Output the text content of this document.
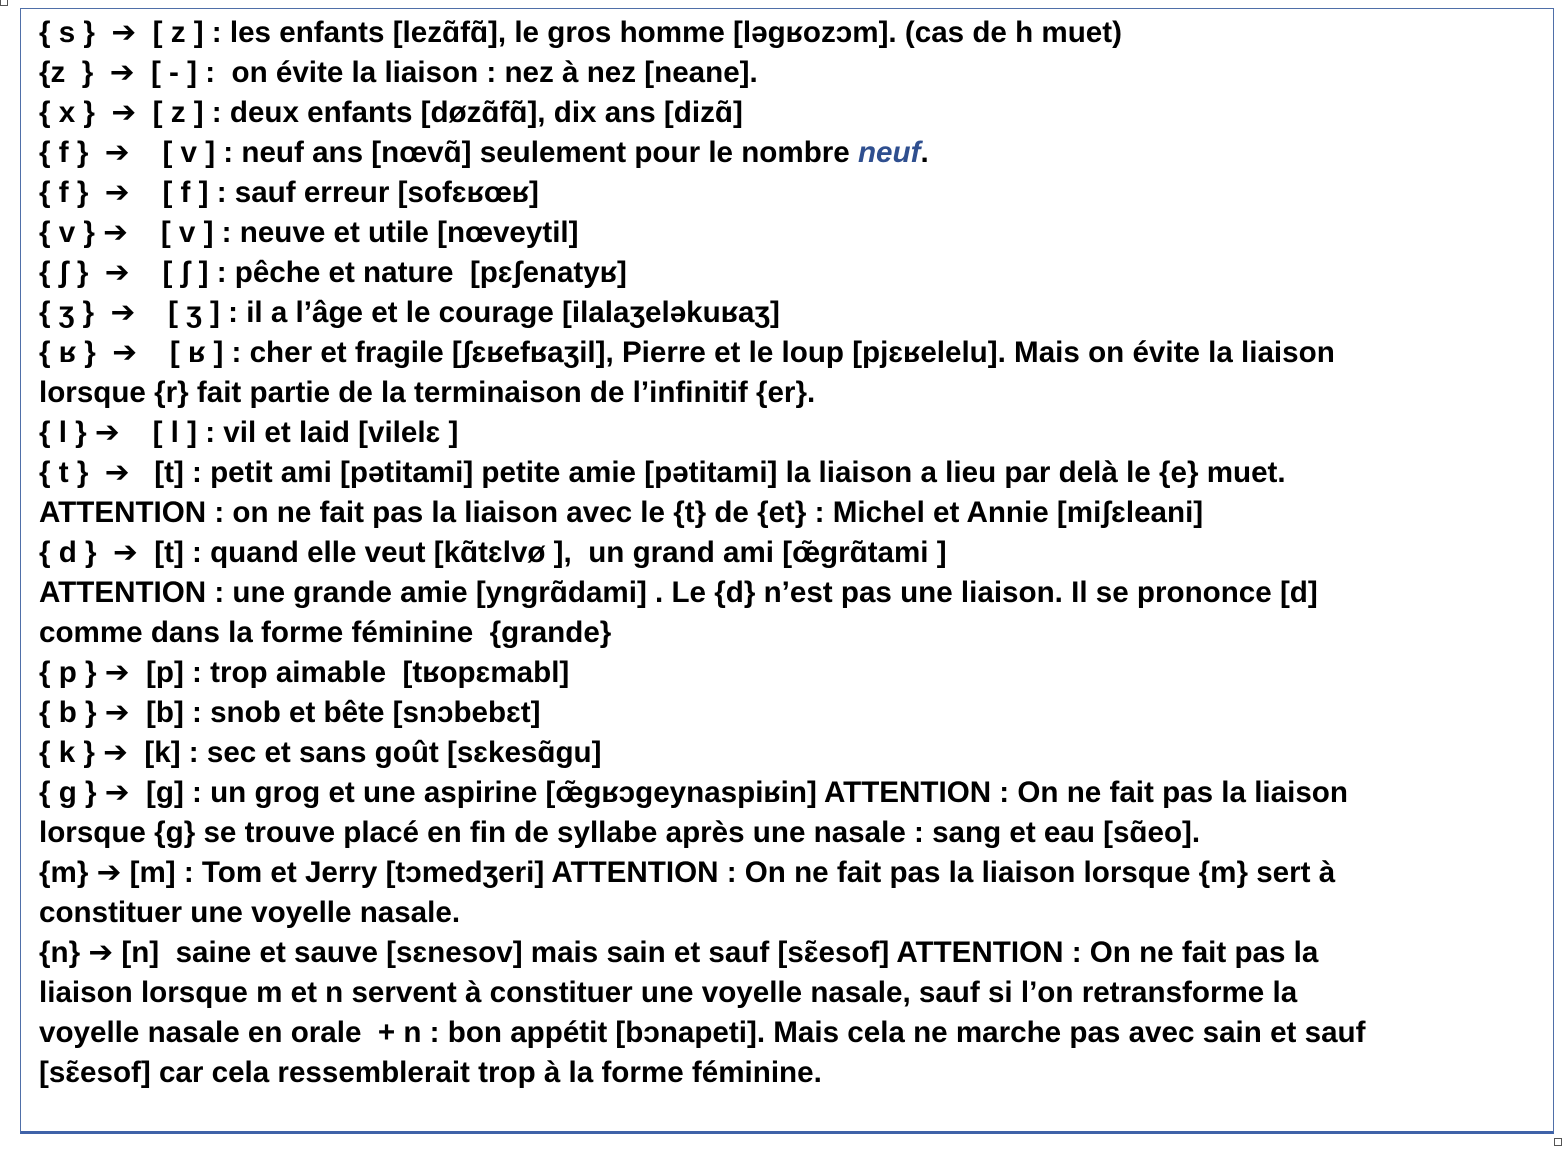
{ s }  ➔  [ z ] : les enfants [lezɑ̃fɑ̃], le gros homme [ləgʁozɔm]. (cas de h muet)
{z  }  ➔  [ - ] :  on évite la liaison : nez à nez [neane].
{ x }  ➔  [ z ] : deux enfants [døzɑ̃fɑ̃], dix ans [dizɑ̃]
{ f }  ➔    [ v ] : neuf ans [nœvɑ̃] seulement pour le nombre neuf.
{ f }  ➔    [ f ] : sauf erreur [sofɛʁœʁ]
{ v } ➔    [ v ] : neuve et utile [nœveytil]
{ ʃ }  ➔    [ ʃ ] : pêche et nature  [pɛʃenatyʁ]
{ ʒ }  ➔    [ ʒ ] : il a l’âge et le courage [ilalaʒeləkuʁaʒ]
{ ʁ }  ➔    [ ʁ ] : cher et fragile [ʃɛʁefʁaʒil], Pierre et le loup [pjɛʁelelu]. Mais on évite la liaison
lorsque {r} fait partie de la terminaison de l’infinitif {er}.
{ l } ➔    [ l ] : vil et laid [vilelɛ ]
{ t }  ➔   [t] : petit ami [pətitami] petite amie [pətitami] la liaison a lieu par delà le {e} muet.
ATTENTION : on ne fait pas la liaison avec le {t} de {et} : Michel et Annie [miʃɛleani]
{ d }  ➔  [t] : quand elle veut [kɑ̃tɛlvø ],  un grand ami [œ̃grɑ̃tami ]
ATTENTION : une grande amie [yngrɑ̃dami] . Le {d} n’est pas une liaison. Il se prononce [d]
comme dans la forme féminine  {grande}
{ p } ➔  [p] : trop aimable  [tʁopɛmabl]
{ b } ➔  [b] : snob et bête [snɔbebɛt]
{ k } ➔  [k] : sec et sans goût [sɛkesɑ̃gu]
{ g } ➔  [g] : un grog et une aspirine [œ̃gʁɔgeynaspiʁin] ATTENTION : On ne fait pas la liaison
lorsque {g} se trouve placé en fin de syllabe après une nasale : sang et eau [sɑ̃eo].
{m} ➔ [m] : Tom et Jerry [tɔmedʒeri] ATTENTION : On ne fait pas la liaison lorsque {m} sert à
constituer une voyelle nasale.
{n} ➔ [n]  saine et sauve [sɛnesov] mais sain et sauf [sɛ̃esof] ATTENTION : On ne fait pas la
liaison lorsque m et n servent à constituer une voyelle nasale, sauf si l’on retransforme la
voyelle nasale en orale  + n : bon appétit [bɔnapeti]. Mais cela ne marche pas avec sain et sauf
[sɛ̃esof] car cela ressemblerait trop à la forme féminine.
